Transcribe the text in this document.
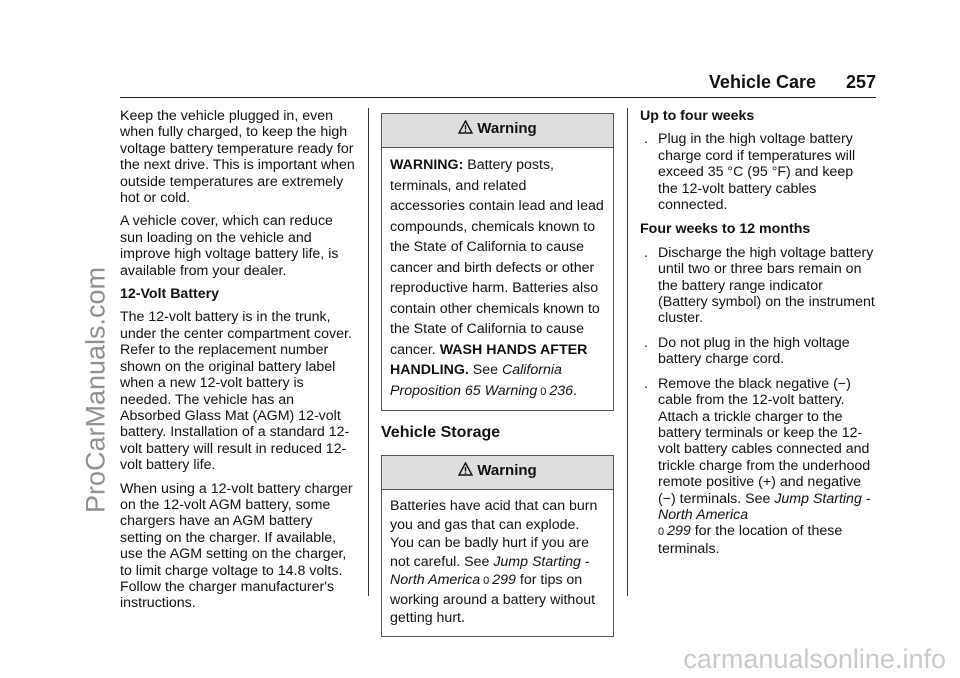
ProCarManuals.com
carmanualsonline.info
Vehicle Care	257

Keep the vehicle plugged in, even when fully charged, to keep the high voltage battery temperature ready for the next drive. This is important when outside temperatures are extremely hot or cold.

A vehicle cover, which can reduce sun loading on the vehicle and improve high voltage battery life, is available from your dealer.

12-Volt Battery

The 12-volt battery is in the trunk, under the center compartment cover. Refer to the replacement number shown on the original battery label when a new 12-volt battery is needed. The vehicle has an Absorbed Glass Mat (AGM) 12-volt battery. Installation of a standard 12-volt battery will result in reduced 12-volt battery life.

When using a 12-volt battery charger on the 12-volt AGM battery, some chargers have an AGM battery setting on the charger. If available, use the AGM setting on the charger, to limit charge voltage to 14.8 volts. Follow the charger manufacturer's instructions.

Warning
WARNING: Battery posts, terminals, and related accessories contain lead and lead compounds, chemicals known to the State of California to cause cancer and birth defects or other reproductive harm. Batteries also contain other chemicals known to the State of California to cause cancer. WASH HANDS AFTER HANDLING. See California Proposition 65 Warning 0 236.
Vehicle Storage
Warning
Batteries have acid that can burn you and gas that can explode. You can be badly hurt if you are not careful. See Jump Starting - North America 0 299 for tips on working around a battery without getting hurt.

Up to four weeks

. Plug in the high voltage battery charge cord if temperatures will exceed 35 °C (95 °F) and keep the 12-volt battery cables connected.

Four weeks to 12 months

. Discharge the high voltage battery until two or three bars remain on the battery range indicator (Battery symbol) on the instrument cluster.
. Do not plug in the high voltage battery charge cord.
. Remove the black negative (−) cable from the 12-volt battery. Attach a trickle charger to the battery terminals or keep the 12-volt battery cables connected and trickle charge from the underhood remote positive (+) and negative (−) terminals. See Jump Starting - North America
0 299 for the location of these terminals.
